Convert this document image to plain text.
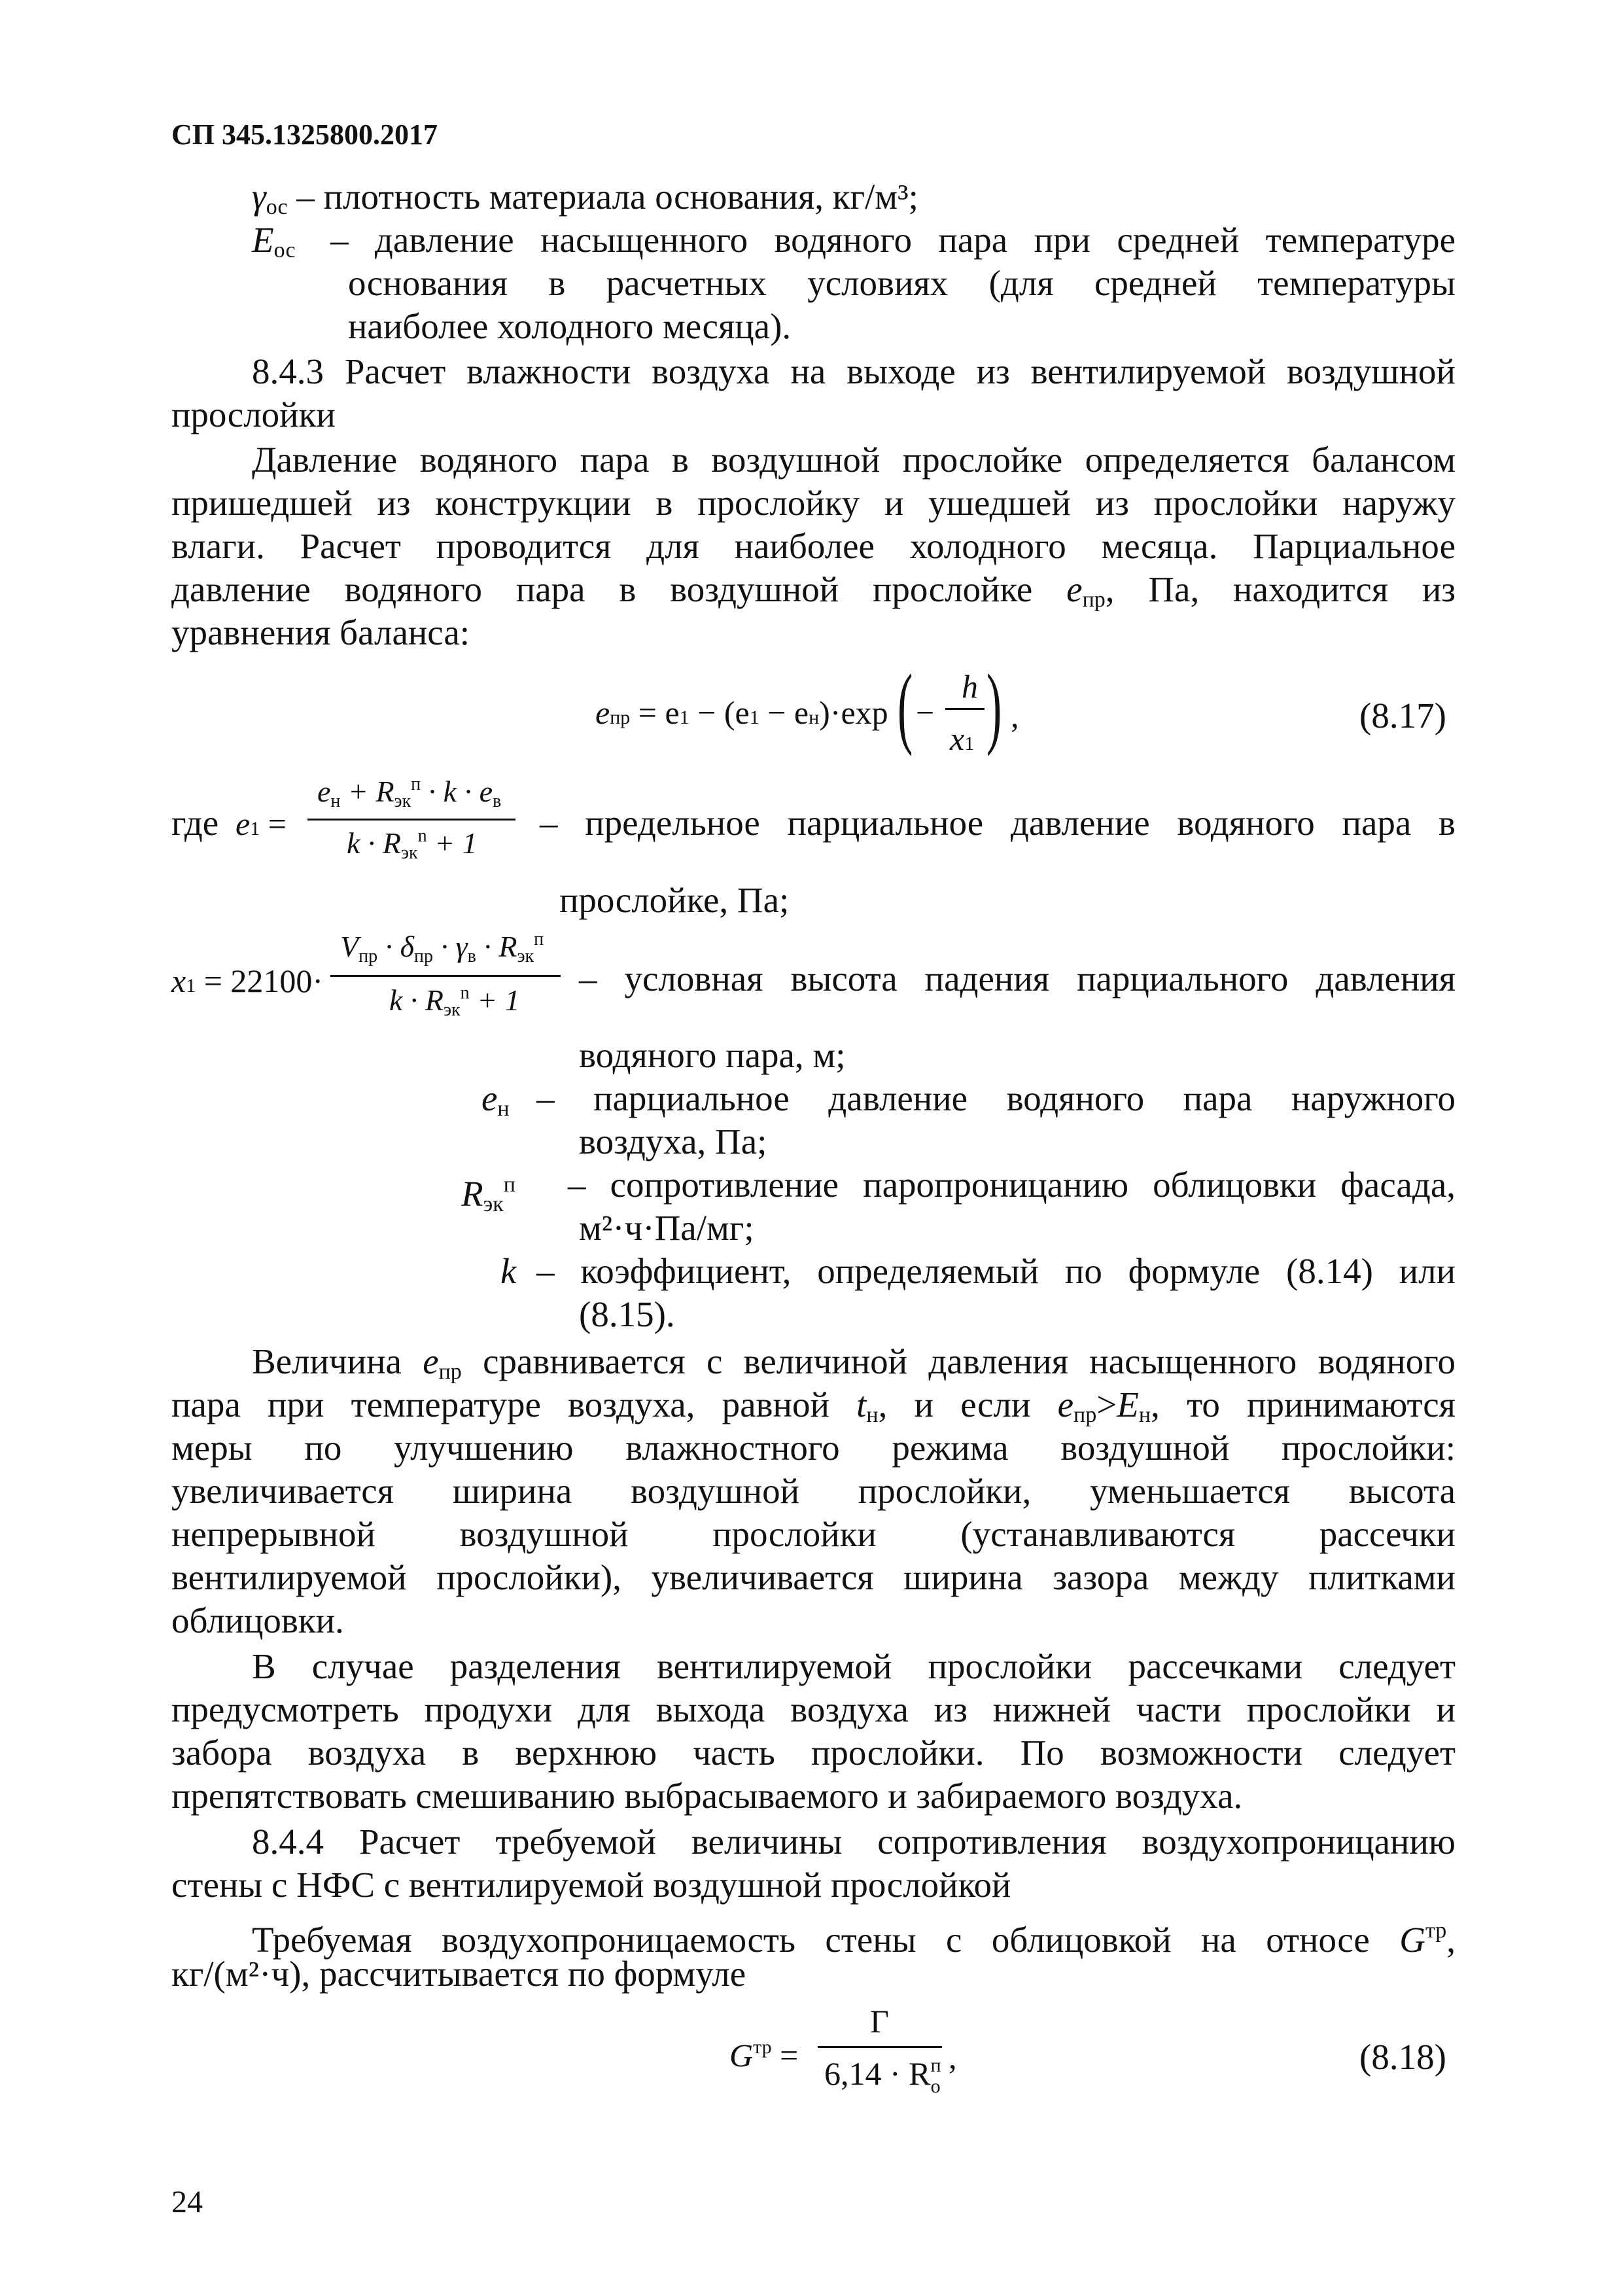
СП 345.1325800.2017
$\gamma_{ос}$ – плотность материала основания, кг/м³;
$E_{ос}$ – давление насыщенного водяного пара при средней температуре
основания в расчетных условиях (для средней температуры
наиболее холодного месяца).
8.4.3 Расчет влажности воздуха на выходе из вентилируемой воздушной
прослойки
Давление водяного пара в воздушной прослойке определяется балансом
пришедшей из конструкции в прослойку и ушедшей из прослойки наружу
влаги. Расчет проводится для наиболее холодного месяца. Парциальное
давление водяного пара в воздушной прослойке $e_{пр}$, Па, находится из
уравнения баланса:
eпр = e1 − (e1 − eн)·exp ( −
h
x1 ) ,	(8.17)
где e1 =
eн + Rэк$^п$ · k · eв
k · Rэк$^n$ + 1
– предельное парциальное давление водяного пара в
прослойке, Па;
x1 = 22100·
Vпр · δпр · γв · Rэк$^п$
k · Rэк$^n$ + 1
– условная высота падения парциального давления
водяного пара, м;
$e_н$ – парциальное давление водяного пара наружного
воздуха, Па;
$R_{эк}^п$ – сопротивление паропроницанию облицовки фасада,
м²·ч·Па/мг;
k – коэффициент, определяемый по формуле (8.14) или
(8.15).
Величина $e_{пр}$ сравнивается с величиной давления насыщенного водяного
пара при температуре воздуха, равной $t_н$, и если $e_{пр}>E_н$, то принимаются
меры по улучшению влажностного режима воздушной прослойки:
увеличивается ширина воздушной прослойки, уменьшается высота
непрерывной воздушной прослойки (устанавливаются рассечки
вентилируемой прослойки), увеличивается ширина зазора между плитками
облицовки.
В случае разделения вентилируемой прослойки рассечками следует
предусмотреть продухи для выхода воздуха из нижней части прослойки и
забора воздуха в верхнюю часть прослойки. По возможности следует
препятствовать смешиванию выбрасываемого и забираемого воздуха.
8.4.4 Расчет требуемой величины сопротивления воздухопроницанию
стены с НФС с вентилируемой воздушной прослойкой
Требуемая воздухопроницаемость стены с облицовкой на относе $G^{тр}$,
кг/(м²·ч), рассчитывается по формуле
$G^{тр}$ =
Г
$6,14 \cdot R^п_о$
,	(8.18)
24
